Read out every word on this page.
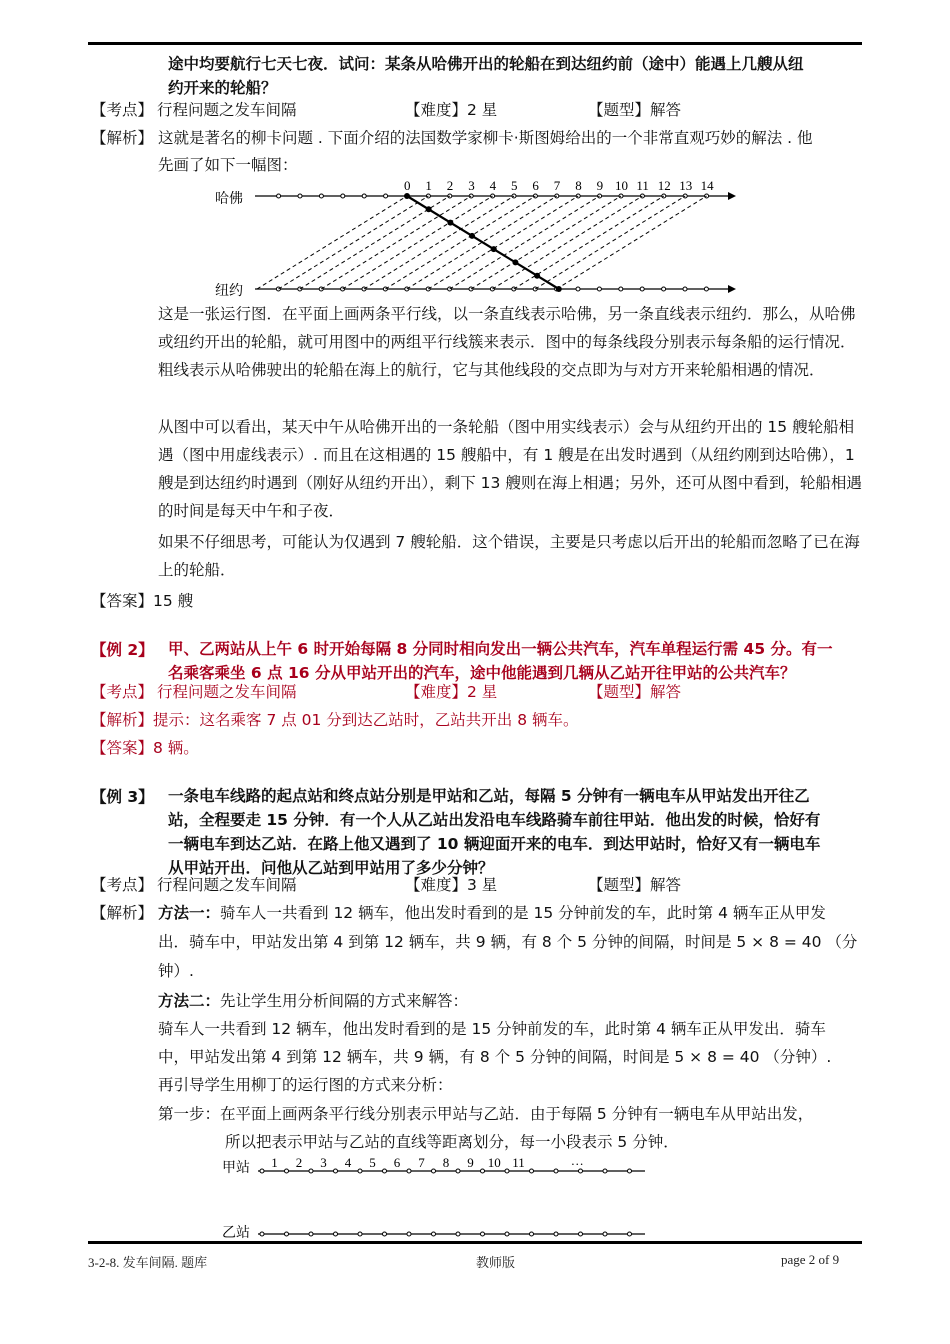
途中均要航行七天七夜．试问：某条从哈佛开出的轮船在到达纽约前（途中）能遇上几艘从纽
约开来的轮船？
【考点】 行程问题之发车间隔	【难度】2 星	【题型】解答
【解析】 这就是著名的柳卡问题 . 下面介绍的法国数学家柳卡·斯图姆给出的一个非常直观巧妙的解法 . 他
先画了如下一幅图：
哈佛
纽约
0 1 2 3 4 5 6 7 8 9 10 11 12 13 14
这是一张运行图．在平面上画两条平行线，以一条直线表示哈佛，另一条直线表示纽约．那么，从哈佛或纽约开出的轮船，就可用图中的两组平行线簇来表示．图中的每条线段分别表示每条船的运行情况．粗线表示从哈佛驶出的轮船在海上的航行，它与其他线段的交点即为与对方开来轮船相遇的情况．
从图中可以看出，某天中午从哈佛开出的一条轮船（图中用实线表示）会与从纽约开出的 15 艘轮船相遇（图中用虚线表示）. 而且在这相遇的 15 艘船中，有 1 艘是在出发时遇到（从纽约刚到达哈佛），1 艘是到达纽约时遇到（刚好从纽约开出），剩下 13 艘则在海上相遇；另外，还可从图中看到，轮船相遇的时间是每天中午和子夜．
如果不仔细思考，可能认为仅遇到 7 艘轮船．这个错误，主要是只考虑以后开出的轮船而忽略了已在海上的轮船．
【答案】15 艘
【例 2】 甲、乙两站从上午 6 时开始每隔 8 分同时相向发出一辆公共汽车，汽车单程运行需 45 分。有一
名乘客乘坐 6 点 16 分从甲站开出的汽车，途中他能遇到几辆从乙站开往甲站的公共汽车？
【考点】 行程问题之发车间隔	【难度】2 星	【题型】解答
【解析】提示：这名乘客 7 点 01 分到达乙站时，乙站共开出 8 辆车。
【答案】8 辆。
【例 3】 一条电车线路的起点站和终点站分别是甲站和乙站，每隔 5 分钟有一辆电车从甲站发出开往乙
站，全程要走 15 分钟．有一个人从乙站出发沿电车线路骑车前往甲站．他出发的时候，恰好有
一辆电车到达乙站．在路上他又遇到了 10 辆迎面开来的电车．到达甲站时，恰好又有一辆电车
从甲站开出．问他从乙站到甲站用了多少分钟？
【考点】 行程问题之发车间隔	【难度】3 星	【题型】解答
【解析】 方法一：骑车人一共看到 12 辆车，他出发时看到的是 15 分钟前发的车，此时第 4 辆车正从甲发
出．骑车中，甲站发出第 4 到第 12 辆车，共 9 辆，有 8 个 5 分钟的间隔，时间是 5 × 8 = 40 （分
钟）.
方法二：先让学生用分析间隔的方式来解答：
骑车人一共看到 12 辆车，他出发时看到的是 15 分钟前发的车，此时第 4 辆车正从甲发出．骑车
中，甲站发出第 4 到第 12 辆车，共 9 辆，有 8 个 5 分钟的间隔，时间是 5 × 8 = 40 （分钟）.
再引导学生用柳丁的运行图的方式来分析：
第一步：在平面上画两条平行线分别表示甲站与乙站．由于每隔 5 分钟有一辆电车从甲站出发，
所以把表示甲站与乙站的直线等距离划分，每一小段表示 5 分钟．
甲站
乙站
1 2 3 4 5 6 7 8 9 10 11	…
3-2-8. 发车间隔. 题库	教师版	page 2 of 9
